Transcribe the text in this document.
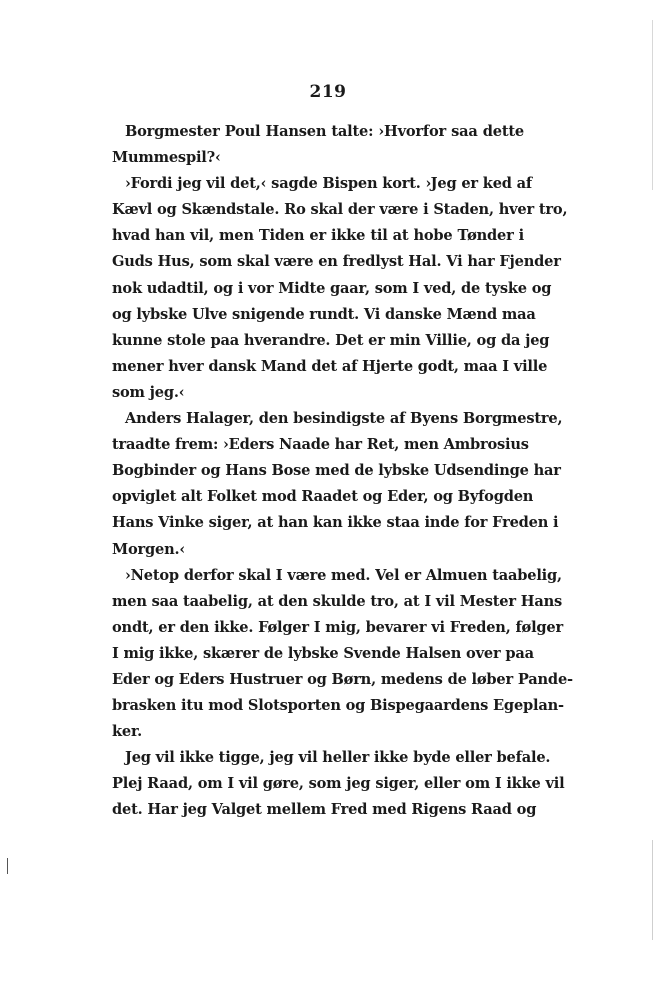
219
Borgmester Poul Hansen talte: ›Hvorfor saa dette
Mummespil?‹
›Fordi jeg vil det,‹ sagde Bispen kort. ›Jeg er ked af
Kævl og Skændstale. Ro skal der være i Staden, hver tro,
hvad han vil, men Tiden er ikke til at hobe Tønder i
Guds Hus, som skal være en fredlyst Hal. Vi har Fjender
nok udadtil, og i vor Midte gaar, som I ved, de tyske og
og lybske Ulve snigende rundt. Vi danske Mænd maa
kunne stole paa hverandre. Det er min Villie, og da jeg
mener hver dansk Mand det af Hjerte godt, maa I ville
som jeg.‹
Anders Halager, den besindigste af Byens Borgmestre,
traadte frem: ›Eders Naade har Ret, men Ambrosius
Bogbinder og Hans Bose med de lybske Udsendinge har
opviglet alt Folket mod Raadet og Eder, og Byfogden
Hans Vinke siger, at han kan ikke staa inde for Freden i
Morgen.‹
›Netop derfor skal I være med. Vel er Almuen taabelig,
men saa taabelig, at den skulde tro, at I vil Mester Hans
ondt, er den ikke. Følger I mig, bevarer vi Freden, følger
I mig ikke, skærer de lybske Svende Halsen over paa
Eder og Eders Hustruer og Børn, medens de løber Pande-
brasken itu mod Slotsporten og Bispegaardens Egeplan-
ker.
Jeg vil ikke tigge, jeg vil heller ikke byde eller befale.
Plej Raad, om I vil gøre, som jeg siger, eller om I ikke vil
det. Har jeg Valget mellem Fred med Rigens Raad og
